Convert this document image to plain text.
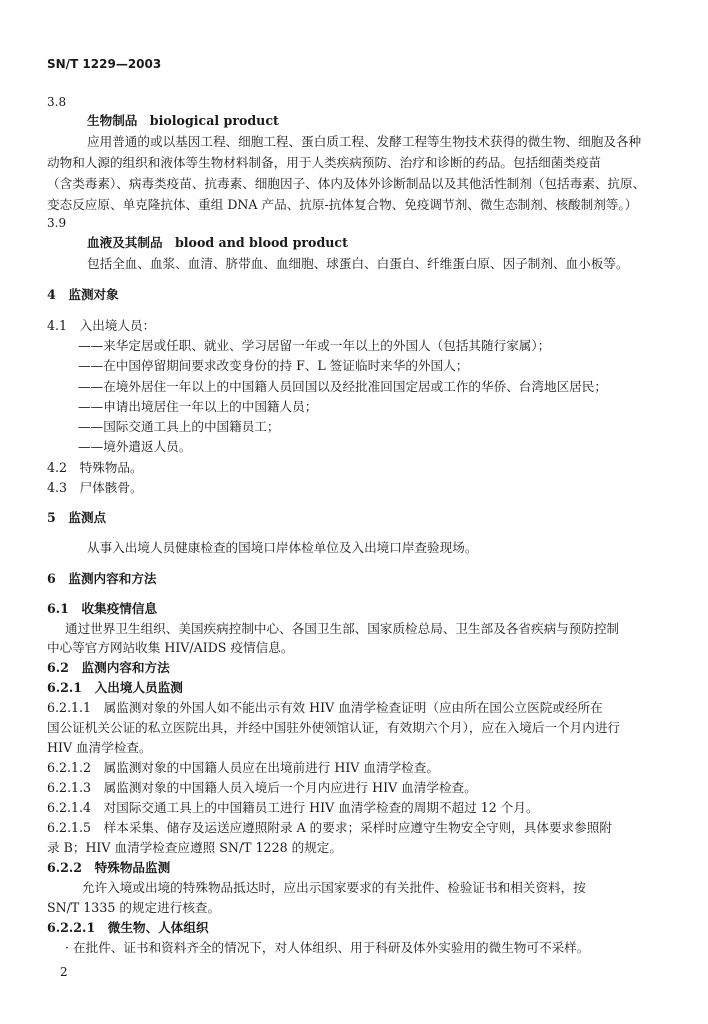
SN/T 1229—2003
3.8
生物制品 biological product
应用普通的或以基因工程、细胞工程、蛋白质工程、发酵工程等生物技术获得的微生物、细胞及各种
动物和人源的组织和液体等生物材料制备，用于人类疾病预防、治疗和诊断的药品。包括细菌类疫苗
（含类毒素）、病毒类疫苗、抗毒素、细胞因子、体内及体外诊断制品以及其他活性制剂（包括毒素、抗原、
变态反应原、单克隆抗体、重组 DNA 产品、抗原-抗体复合物、免疫调节剂、微生态制剂、核酸制剂等。）
3.9
血液及其制品 blood and blood product
包括全血、血浆、血清、脐带血、血细胞、球蛋白、白蛋白、纤维蛋白原、因子制剂、血小板等。
4　监测对象
4.1　入出境人员：
——来华定居或任职、就业、学习居留一年或一年以上的外国人（包括其随行家属）；
——在中国停留期间要求改变身份的持 F、L 签证临时来华的外国人；
——在境外居住一年以上的中国籍人员回国以及经批准回国定居或工作的华侨、台湾地区居民；
——申请出境居住一年以上的中国籍人员；
——国际交通工具上的中国籍员工；
——境外遣返人员。
4.2　特殊物品。
4.3　尸体骸骨。
5　监测点
从事入出境人员健康检查的国境口岸体检单位及入出境口岸查验现场。
6　监测内容和方法
6.1　收集疫情信息
通过世界卫生组织、美国疾病控制中心、各国卫生部、国家质检总局、卫生部及各省疾病与预防控制
中心等官方网站收集 HIV/AIDS 疫情信息。
6.2　监测内容和方法
6.2.1　入出境人员监测
6.2.1.1　属监测对象的外国人如不能出示有效 HIV 血清学检查证明（应由所在国公立医院或经所在
国公证机关公证的私立医院出具，并经中国驻外使领馆认证，有效期六个月），应在入境后一个月内进行
HIV 血清学检查。
6.2.1.2　属监测对象的中国籍人员应在出境前进行 HIV 血清学检查。
6.2.1.3　属监测对象的中国籍人员入境后一个月内应进行 HIV 血清学检查。
6.2.1.4　对国际交通工具上的中国籍员工进行 HIV 血清学检查的周期不超过 12 个月。
6.2.1.5　样本采集、储存及运送应遵照附录 A 的要求；采样时应遵守生物安全守则，具体要求参照附
录 B；HIV 血清学检查应遵照 SN/T 1228 的规定。
6.2.2　特殊物品监测
允许入境或出境的特殊物品抵达时，应出示国家要求的有关批件、检验证书和相关资料，按
SN/T 1335 的规定进行核查。
6.2.2.1　微生物、人体组织
· 在批件、证书和资料齐全的情况下，对人体组织、用于科研及体外实验用的微生物可不采样。
2
